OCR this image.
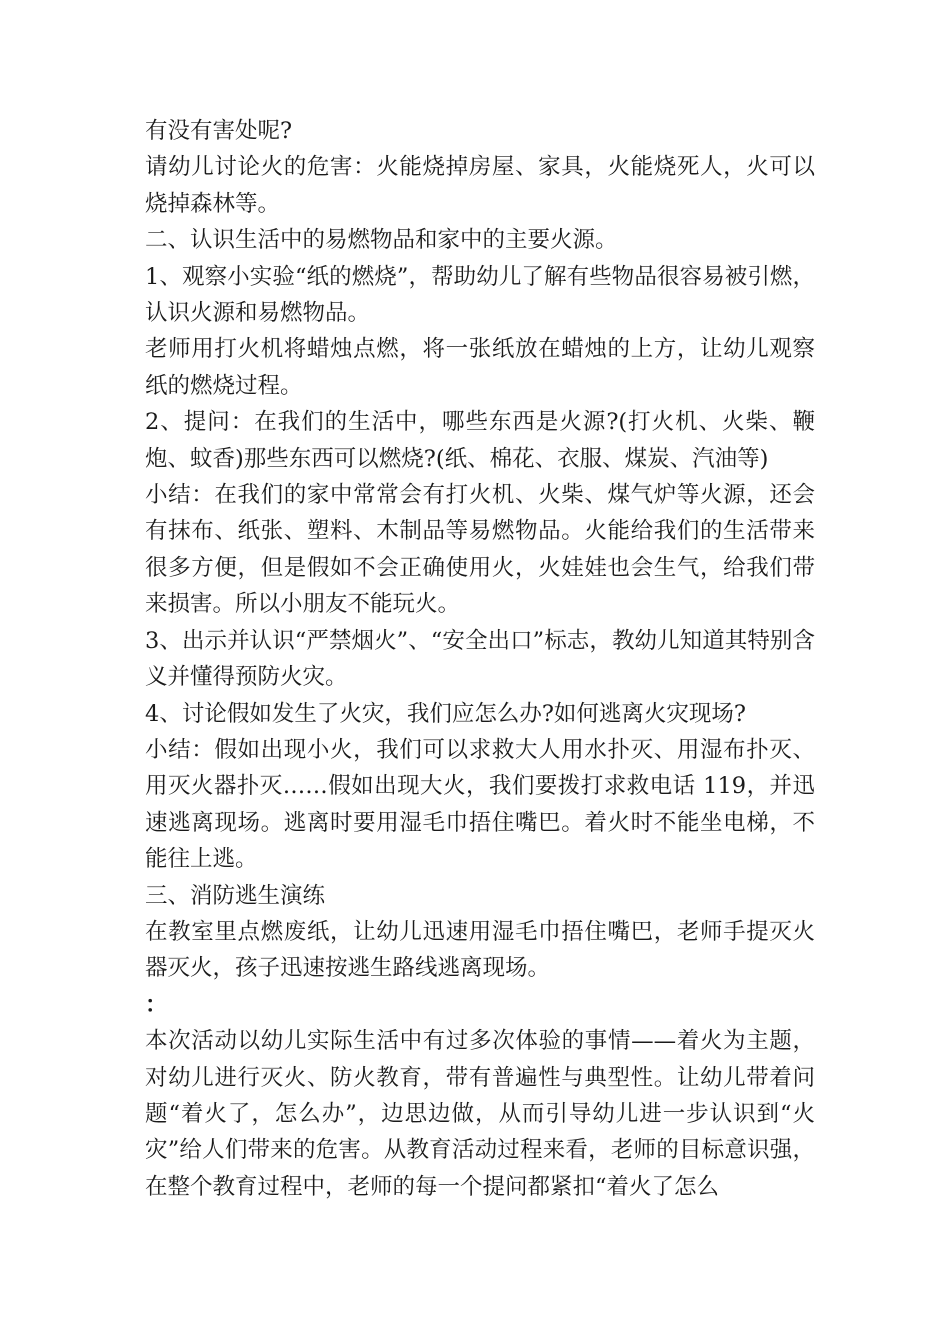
有没有害处呢?

请幼儿讨论火的危害：火能烧掉房屋、家具，火能烧死人，火可以烧掉森林等。

二、认识生活中的易燃物品和家中的主要火源。

1、观察小实验“纸的燃烧”，帮助幼儿了解有些物品很容易被引燃，认识火源和易燃物品。

老师用打火机将蜡烛点燃，将一张纸放在蜡烛的上方，让幼儿观察纸的燃烧过程。

2、提问：在我们的生活中，哪些东西是火源?(打火机、火柴、鞭炮、蚊香)那些东西可以燃烧?(纸、棉花、衣服、煤炭、汽油等)

小结：在我们的家中常常会有打火机、火柴、煤气炉等火源，还会有抹布、纸张、塑料、木制品等易燃物品。火能给我们的生活带来很多方便，但是假如不会正确使用火，火娃娃也会生气，给我们带来损害。所以小朋友不能玩火。

3、出示并认识“严禁烟火”、“安全出口”标志，教幼儿知道其特别含义并懂得预防火灾。

4、讨论假如发生了火灾，我们应怎么办?如何逃离火灾现场?

小结：假如出现小火，我们可以求救大人用水扑灭、用湿布扑灭、用灭火器扑灭……假如出现大火，我们要拨打求救电话 119，并迅速逃离现场。逃离时要用湿毛巾捂住嘴巴。着火时不能坐电梯，不能往上逃。

三、消防逃生演练

在教室里点燃废纸，让幼儿迅速用湿毛巾捂住嘴巴，老师手提灭火器灭火，孩子迅速按逃生路线逃离现场。

：

本次活动以幼儿实际生活中有过多次体验的事情——着火为主题，对幼儿进行灭火、防火教育，带有普遍性与典型性。让幼儿带着问题“着火了，怎么办”，边思边做，从而引导幼儿进一步认识到“火灾”给人们带来的危害。从教育活动过程来看，老师的目标意识强，在整个教育过程中，老师的每一个提问都紧扣“着火了怎么
